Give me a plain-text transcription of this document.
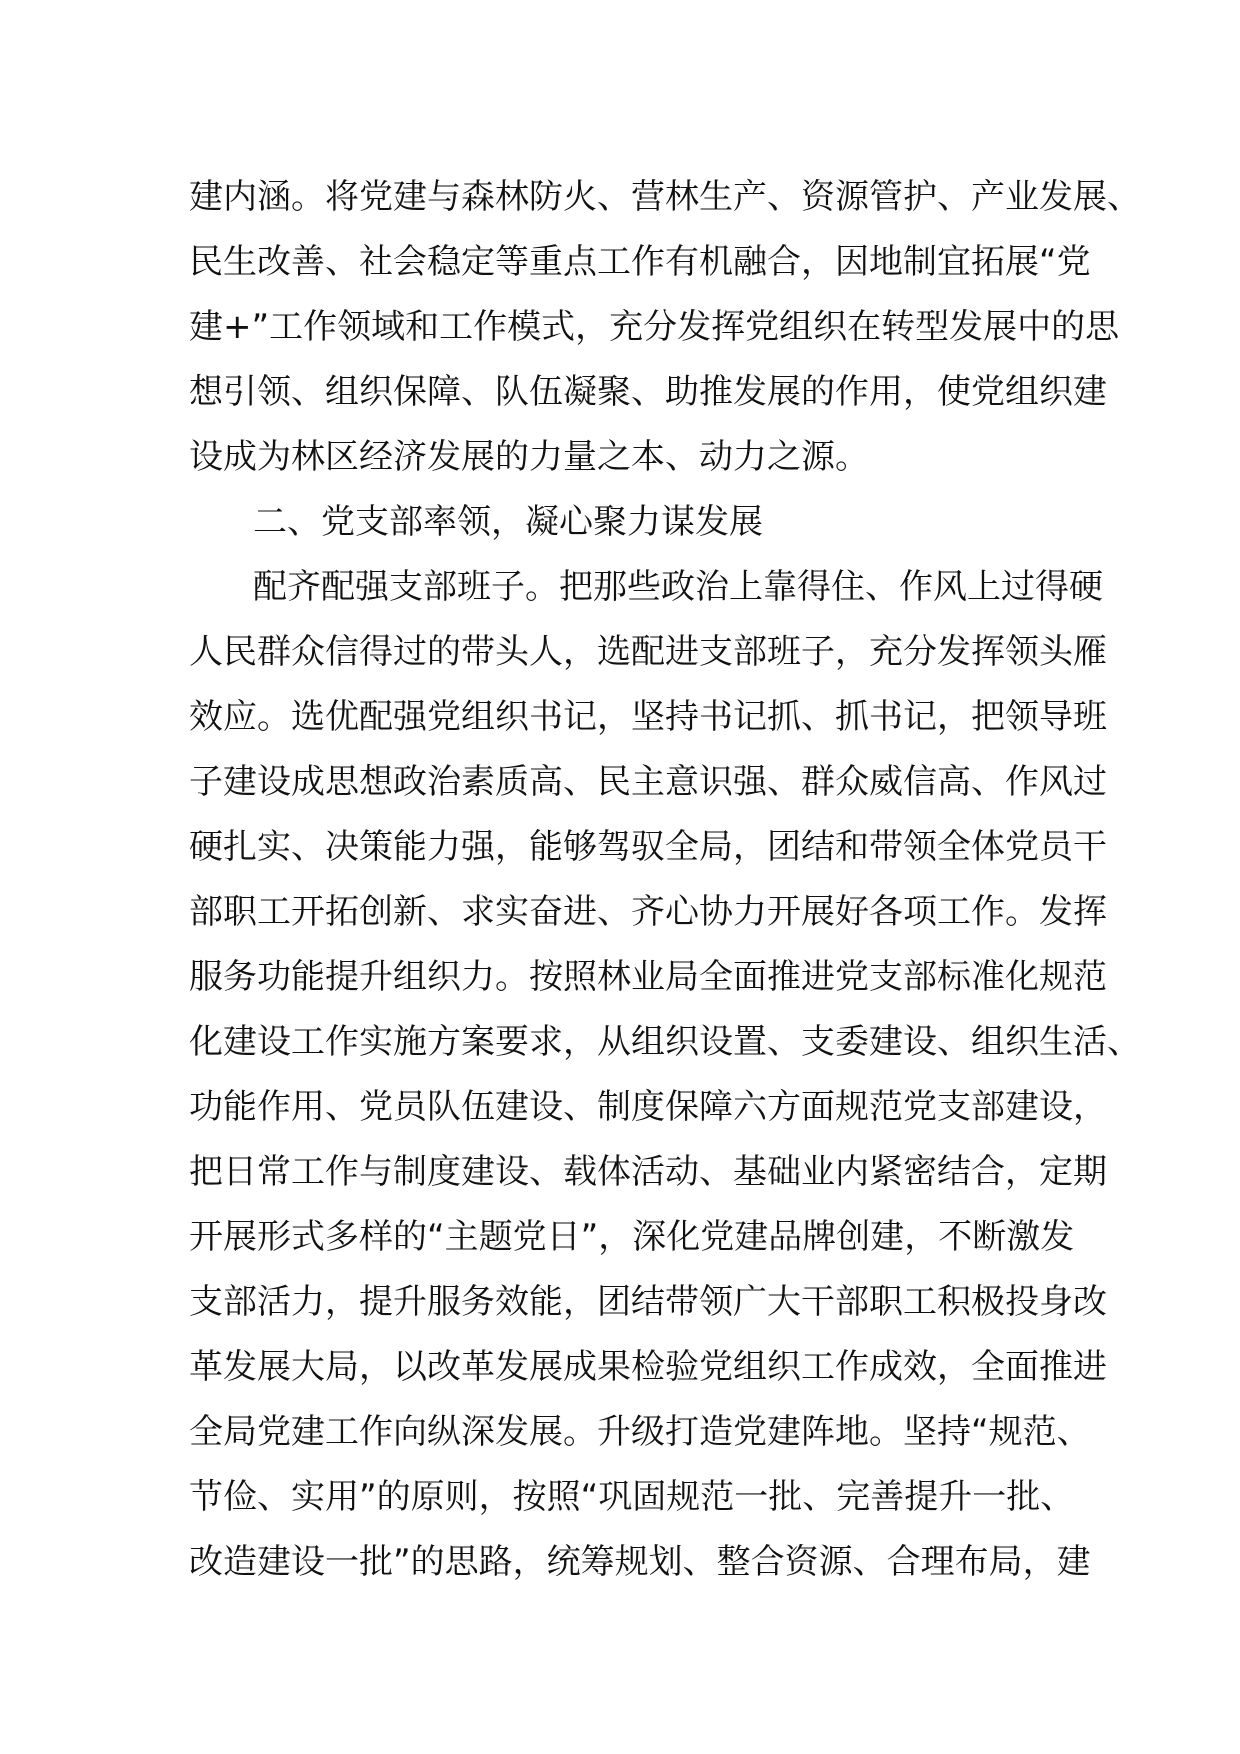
建内涵。将党建与森林防火、营林生产、资源管护、产业发展、
民生改善、社会稳定等重点工作有机融合，因地制宜拓展“党
建+”工作领域和工作模式，充分发挥党组织在转型发展中的思
想引领、组织保障、队伍凝聚、助推发展的作用，使党组织建
设成为林区经济发展的力量之本、动力之源。
二、党支部率领，凝心聚力谋发展
配齐配强支部班子。把那些政治上靠得住、作风上过得硬
人民群众信得过的带头人，选配进支部班子，充分发挥领头雁
效应。选优配强党组织书记，坚持书记抓、抓书记，把领导班
子建设成思想政治素质高、民主意识强、群众威信高、作风过
硬扎实、决策能力强，能够驾驭全局，团结和带领全体党员干
部职工开拓创新、求实奋进、齐心协力开展好各项工作。发挥
服务功能提升组织力。按照林业局全面推进党支部标准化规范
化建设工作实施方案要求，从组织设置、支委建设、组织生活、
功能作用、党员队伍建设、制度保障六方面规范党支部建设，
把日常工作与制度建设、载体活动、基础业内紧密结合，定期
开展形式多样的“主题党日”，深化党建品牌创建，不断激发
支部活力，提升服务效能，团结带领广大干部职工积极投身改
革发展大局，以改革发展成果检验党组织工作成效，全面推进
全局党建工作向纵深发展。升级打造党建阵地。坚持“规范、
节俭、实用”的原则，按照“巩固规范一批、完善提升一批、
改造建设一批”的思路，统筹规划、整合资源、合理布局，建
